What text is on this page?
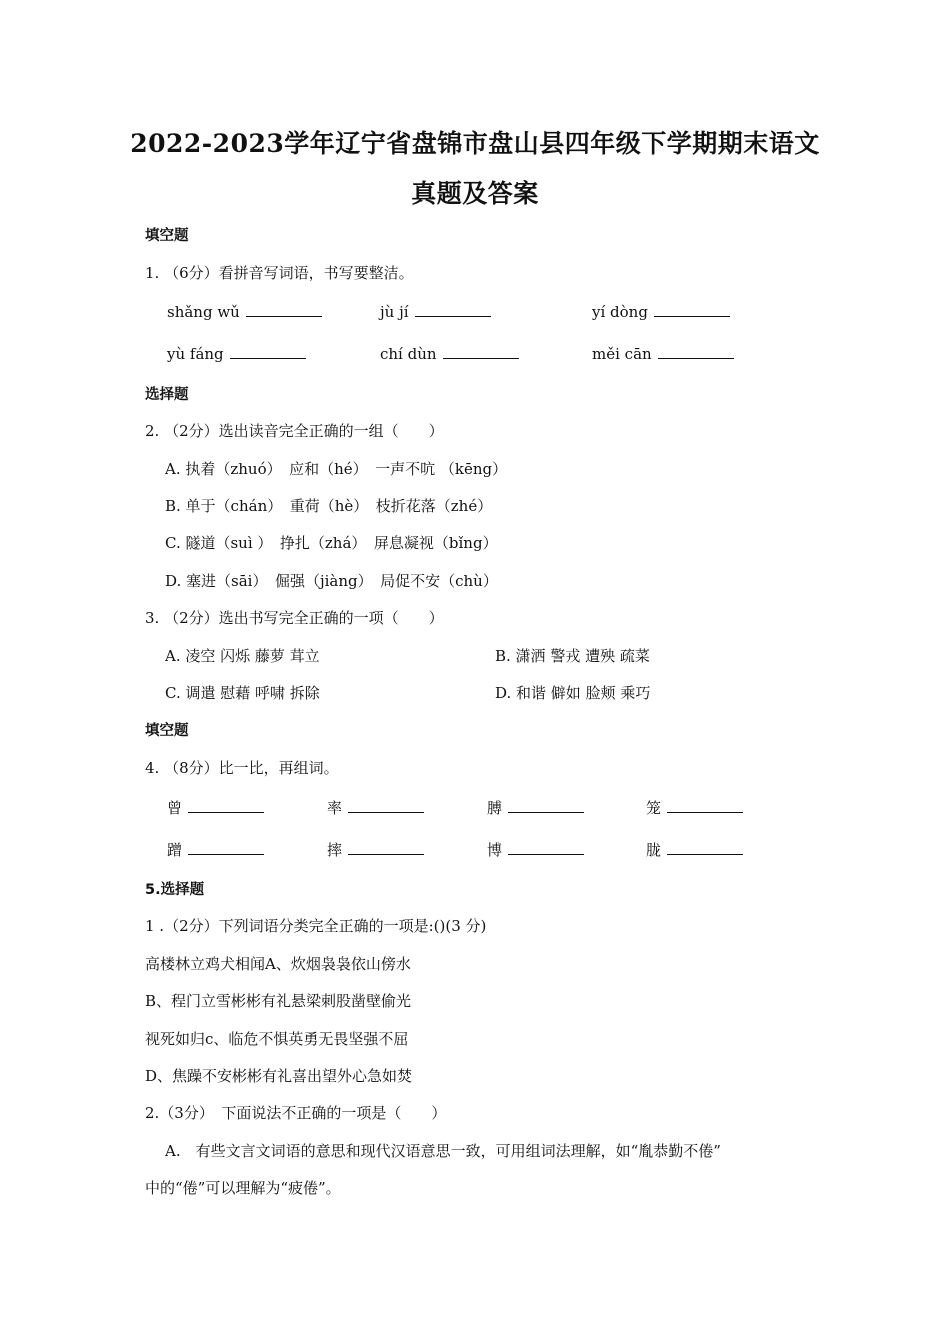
2022-2023学年辽宁省盘锦市盘山县四年级下学期期末语文
真题及答案
填空题
1. （6分）看拼音写词语，书写要整洁。
shǎng wǔ	jù jí	yí dòng
yù fáng	chí dùn	měi cān
选择题
2. （2分）选出读音完全正确的一组（　　）
A. 执着（zhuó）　应和（hé）　一声不吭 （kēng）
B. 单于（chán）　重荷（hè）　枝折花落（zhé）
C. 隧道（suì ）　挣扎（zhá）　屏息凝视（bǐng）
D. 塞进（sāi）　倔强（jiàng）　局促不安（chù）
3. （2分）选出书写完全正确的一项（　　）
A. 凌空 闪烁 藤萝 茸立	B. 潇洒 警戎 遭殃 疏菜
C. 调遣 慰藉 呼啸 拆除	D. 和谐 僻如 脸颊 乘巧
填空题
4. （8分）比一比，再组词。
曾	率	膊	笼
蹭	摔	博	胧
5.选择题
1 .（2分）下列词语分类完全正确的一项是:()(3 分)
高楼林立鸡犬相闻A、炊烟袅袅依山傍水
B、程门立雪彬彬有礼悬梁刺股凿壁偷光
视死如归c、临危不惧英勇无畏坚强不屈
D、焦躁不安彬彬有礼喜出望外心急如焚
2.（3分）　下面说法不正确的一项是（　　）
A.　有些文言文词语的意思和现代汉语意思一致，可用组词法理解，如“胤恭勤不倦”
中的“倦”可以理解为“疲倦”。
